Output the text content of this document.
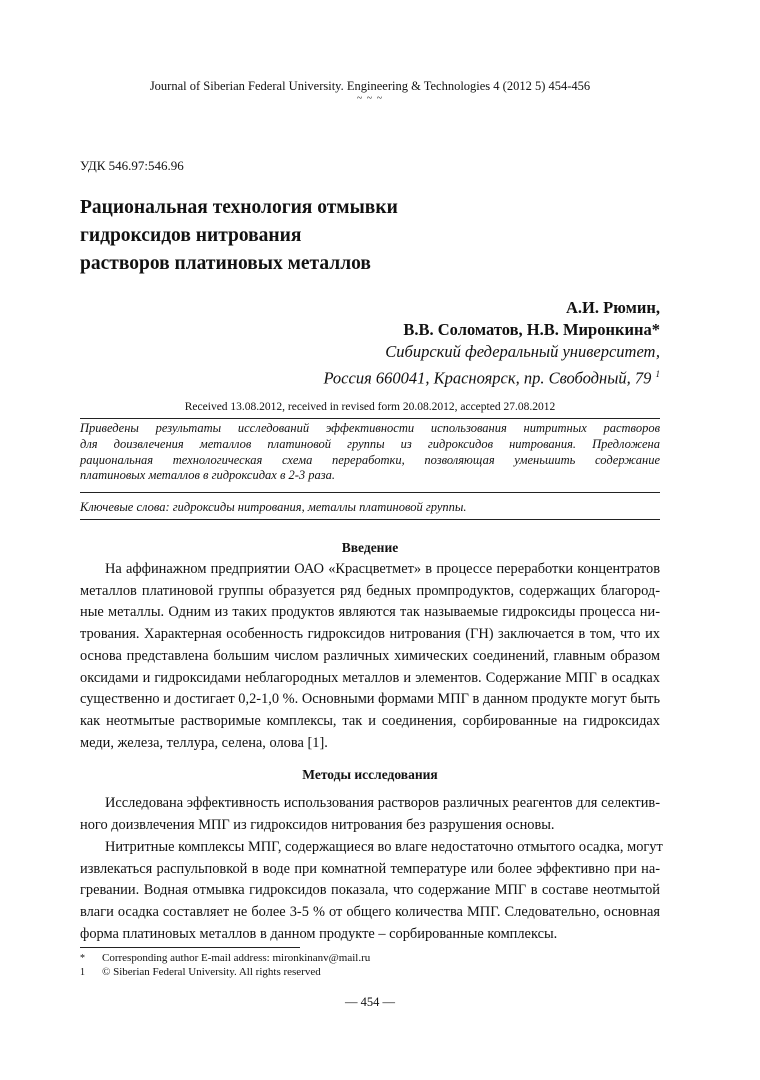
Journal of Siberian Federal University. Engineering & Technologies 4 (2012 5) 454-456
~ ~ ~
УДК 546.97:546.96
Рациональная технология отмывки
гидроксидов нитрования
растворов платиновых металлов
А.И. Рюмин,
В.В. Соломатов, Н.В. Миронкина*
Сибирский федеральный университет,
Россия 660041, Красноярск, пр. Свободный, 79 $^1$
Received 13.08.2012, received in revised form 20.08.2012, accepted 27.08.2012
Приведены результаты исследований эффективности использования нитритных растворов
для доизвлечения металлов платиновой группы из гидроксидов нитрования. Предложена
рациональная технологическая схема переработки, позволяющая уменьшить содержание
платиновых металлов в гидроксидах в 2-3 раза.
Ключевые слова: гидроксиды нитрования, металлы платиновой группы.
Введение
На аффинажном предприятии ОАО «Красцветмет» в процессе переработки концентратов
металлов платиновой группы образуется ряд бедных промпродуктов, содержащих благород-
ные металлы. Одним из таких продуктов являются так называемые гидроксиды процесса ни-
трования. Характерная особенность гидроксидов нитрования (ГН) заключается в том, что их
основа представлена большим числом различных химических соединений, главным образом
оксидами и гидроксидами неблагородных металлов и элементов. Содержание МПГ в осадках
существенно и достигает 0,2-1,0 %. Основными формами МПГ в данном продукте могут быть
как неотмытые растворимые комплексы, так и соединения, сорбированные на гидроксидах
меди, железа, теллура, селена, олова [1].
Методы исследования
Исследована эффективность использования растворов различных реагентов для селектив-
ного доизвлечения МПГ из гидроксидов нитрования без разрушения основы.
Нитритные комплексы МПГ, содержащиеся во влаге недостаточно отмытого осадка, могут
извлекаться распульповкой в воде при комнатной температуре или более эффективно при на-
гревании. Водная отмывка гидроксидов показала, что содержание МПГ в составе неотмытой
влаги осадка составляет не более 3-5 % от общего количества МПГ. Следовательно, основная
форма платиновых металлов в данном продукте – сорбированные комплексы.
* Corresponding author E-mail address: mironkinanv@mail.ru
1 © Siberian Federal University. All rights reserved
― 454 ―
